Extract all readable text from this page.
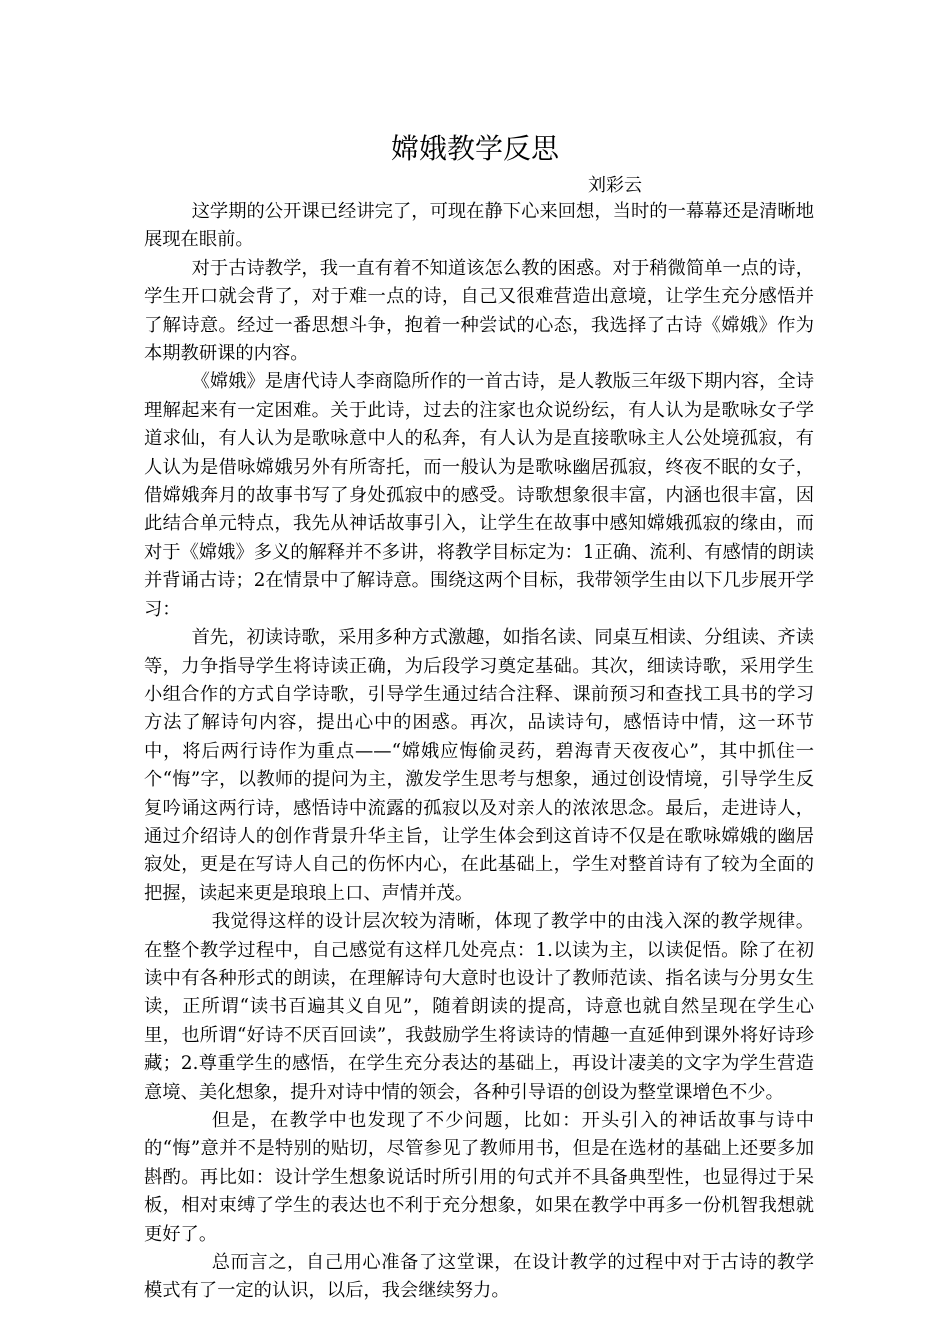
嫦娥教学反思

刘彩云

这学期的公开课已经讲完了，可现在静下心来回想，当时的一幕幕还是清晰地展现在眼前。

对于古诗教学，我一直有着不知道该怎么教的困惑。对于稍微简单一点的诗，学生开口就会背了，对于难一点的诗，自己又很难营造出意境，让学生充分感悟并了解诗意。经过一番思想斗争，抱着一种尝试的心态，我选择了古诗《嫦娥》作为本期教研课的内容。

《嫦娥》是唐代诗人李商隐所作的一首古诗，是人教版三年级下期内容，全诗理解起来有一定困难。关于此诗，过去的注家也众说纷纭，有人认为是歌咏女子学道求仙，有人认为是歌咏意中人的私奔，有人认为是直接歌咏主人公处境孤寂，有人认为是借咏嫦娥另外有所寄托，而一般认为是歌咏幽居孤寂，终夜不眠的女子，借嫦娥奔月的故事书写了身处孤寂中的感受。诗歌想象很丰富，内涵也很丰富，因此结合单元特点，我先从神话故事引入，让学生在故事中感知嫦娥孤寂的缘由，而对于《嫦娥》多义的解释并不多讲，将教学目标定为：1正确、流利、有感情的朗读并背诵古诗；2在情景中了解诗意。围绕这两个目标，我带领学生由以下几步展开学习：

首先，初读诗歌，采用多种方式激趣，如指名读、同桌互相读、分组读、齐读等，力争指导学生将诗读正确，为后段学习奠定基础。其次，细读诗歌，采用学生小组合作的方式自学诗歌，引导学生通过结合注释、课前预习和查找工具书的学习方法了解诗句内容，提出心中的困惑。再次，品读诗句，感悟诗中情，这一环节中，将后两行诗作为重点——“嫦娥应悔偷灵药，碧海青天夜夜心”，其中抓住一个“悔”字，以教师的提问为主，激发学生思考与想象，通过创设情境，引导学生反复吟诵这两行诗，感悟诗中流露的孤寂以及对亲人的浓浓思念。最后，走进诗人，通过介绍诗人的创作背景升华主旨，让学生体会到这首诗不仅是在歌咏嫦娥的幽居寂处，更是在写诗人自己的伤怀内心，在此基础上，学生对整首诗有了较为全面的把握，读起来更是琅琅上口、声情并茂。

我觉得这样的设计层次较为清晰，体现了教学中的由浅入深的教学规律。在整个教学过程中，自己感觉有这样几处亮点：1.以读为主，以读促悟。除了在初读中有各种形式的朗读，在理解诗句大意时也设计了教师范读、指名读与分男女生读，正所谓“读书百遍其义自见”，随着朗读的提高，诗意也就自然呈现在学生心里，也所谓“好诗不厌百回读”，我鼓励学生将读诗的情趣一直延伸到课外将好诗珍藏；2.尊重学生的感悟，在学生充分表达的基础上，再设计凄美的文字为学生营造意境、美化想象，提升对诗中情的领会，各种引导语的创设为整堂课增色不少。

但是，在教学中也发现了不少问题，比如：开头引入的神话故事与诗中的“悔”意并不是特别的贴切，尽管参见了教师用书，但是在选材的基础上还要多加斟酌。再比如：设计学生想象说话时所引用的句式并不具备典型性，也显得过于呆板，相对束缚了学生的表达也不利于充分想象，如果在教学中再多一份机智我想就更好了。

总而言之，自己用心准备了这堂课，在设计教学的过程中对于古诗的教学模式有了一定的认识，以后，我会继续努力。
